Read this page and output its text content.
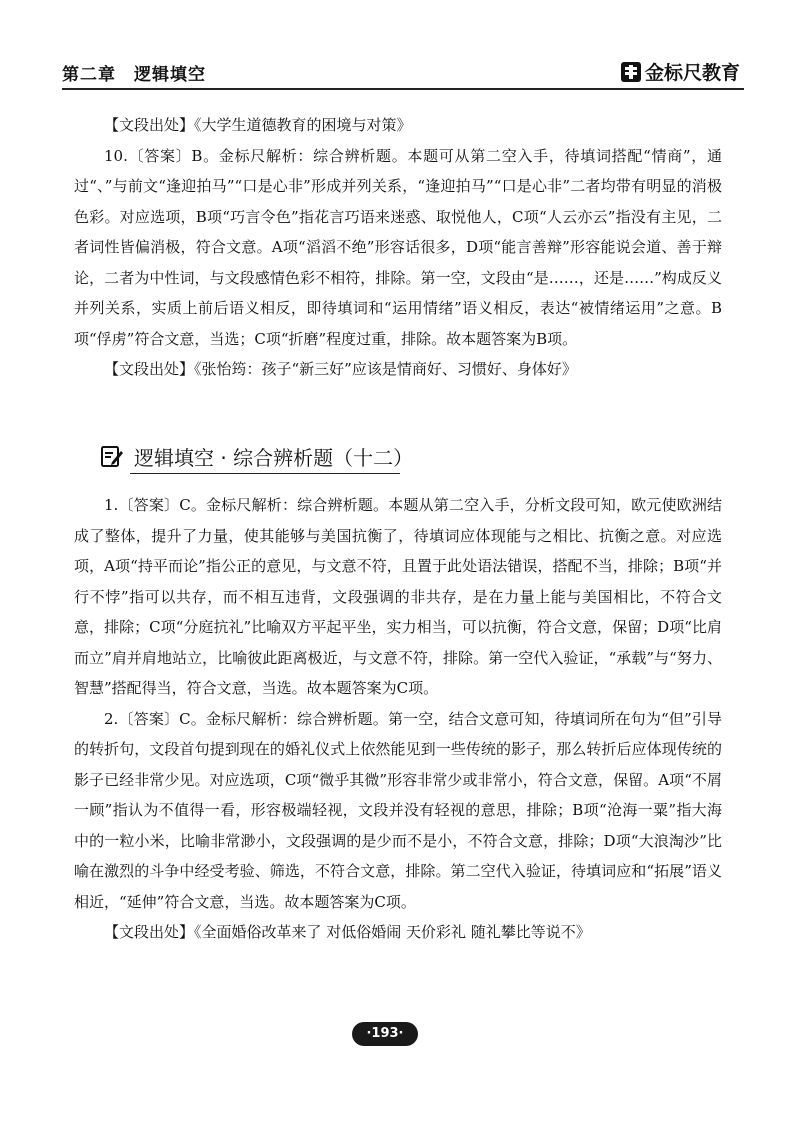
第二章　逻辑填空	金标尺教育

【文段出处】《大学生道德教育的困境与对策》

10.〔答案〕B。金标尺解析：综合辨析题。本题可从第二空入手，待填词搭配“情商”，通过“、”与前文“逢迎拍马”“口是心非”形成并列关系，“逢迎拍马”“口是心非”二者均带有明显的消极色彩。对应选项，B项“巧言令色”指花言巧语来迷惑、取悦他人，C项“人云亦云”指没有主见，二者词性皆偏消极，符合文意。A项“滔滔不绝”形容话很多，D项“能言善辩”形容能说会道、善于辩论，二者为中性词，与文段感情色彩不相符，排除。第一空，文段由“是……，还是……”构成反义并列关系，实质上前后语义相反，即待填词和“运用情绪”语义相反，表达“被情绪运用”之意。B项“俘虏”符合文意，当选；C项“折磨”程度过重，排除。故本题答案为B项。

【文段出处】《张怡筠：孩子“新三好”应该是情商好、习惯好、身体好》

逻辑填空 · 综合辨析题（十二）

1.〔答案〕C。金标尺解析：综合辨析题。本题从第二空入手，分析文段可知，欧元使欧洲结成了整体，提升了力量，使其能够与美国抗衡了，待填词应体现能与之相比、抗衡之意。对应选项，A项“持平而论”指公正的意见，与文意不符，且置于此处语法错误，搭配不当，排除；B项“并行不悖”指可以共存，而不相互违背，文段强调的非共存，是在力量上能与美国相比，不符合文意，排除；C项“分庭抗礼”比喻双方平起平坐，实力相当，可以抗衡，符合文意，保留；D项“比肩而立”肩并肩地站立，比喻彼此距离极近，与文意不符，排除。第一空代入验证，“承载”与“努力、智慧”搭配得当，符合文意，当选。故本题答案为C项。

2.〔答案〕C。金标尺解析：综合辨析题。第一空，结合文意可知，待填词所在句为“但”引导的转折句，文段首句提到现在的婚礼仪式上依然能见到一些传统的影子，那么转折后应体现传统的影子已经非常少见。对应选项，C项“微乎其微”形容非常少或非常小，符合文意，保留。A项“不屑一顾”指认为不值得一看，形容极端轻视，文段并没有轻视的意思，排除；B项“沧海一粟”指大海中的一粒小米，比喻非常渺小，文段强调的是少而不是小，不符合文意，排除；D项“大浪淘沙”比喻在激烈的斗争中经受考验、筛选，不符合文意，排除。第二空代入验证，待填词应和“拓展”语义相近，“延伸”符合文意，当选。故本题答案为C项。

【文段出处】《全面婚俗改革来了 对低俗婚闹 天价彩礼 随礼攀比等说不》

·193·
